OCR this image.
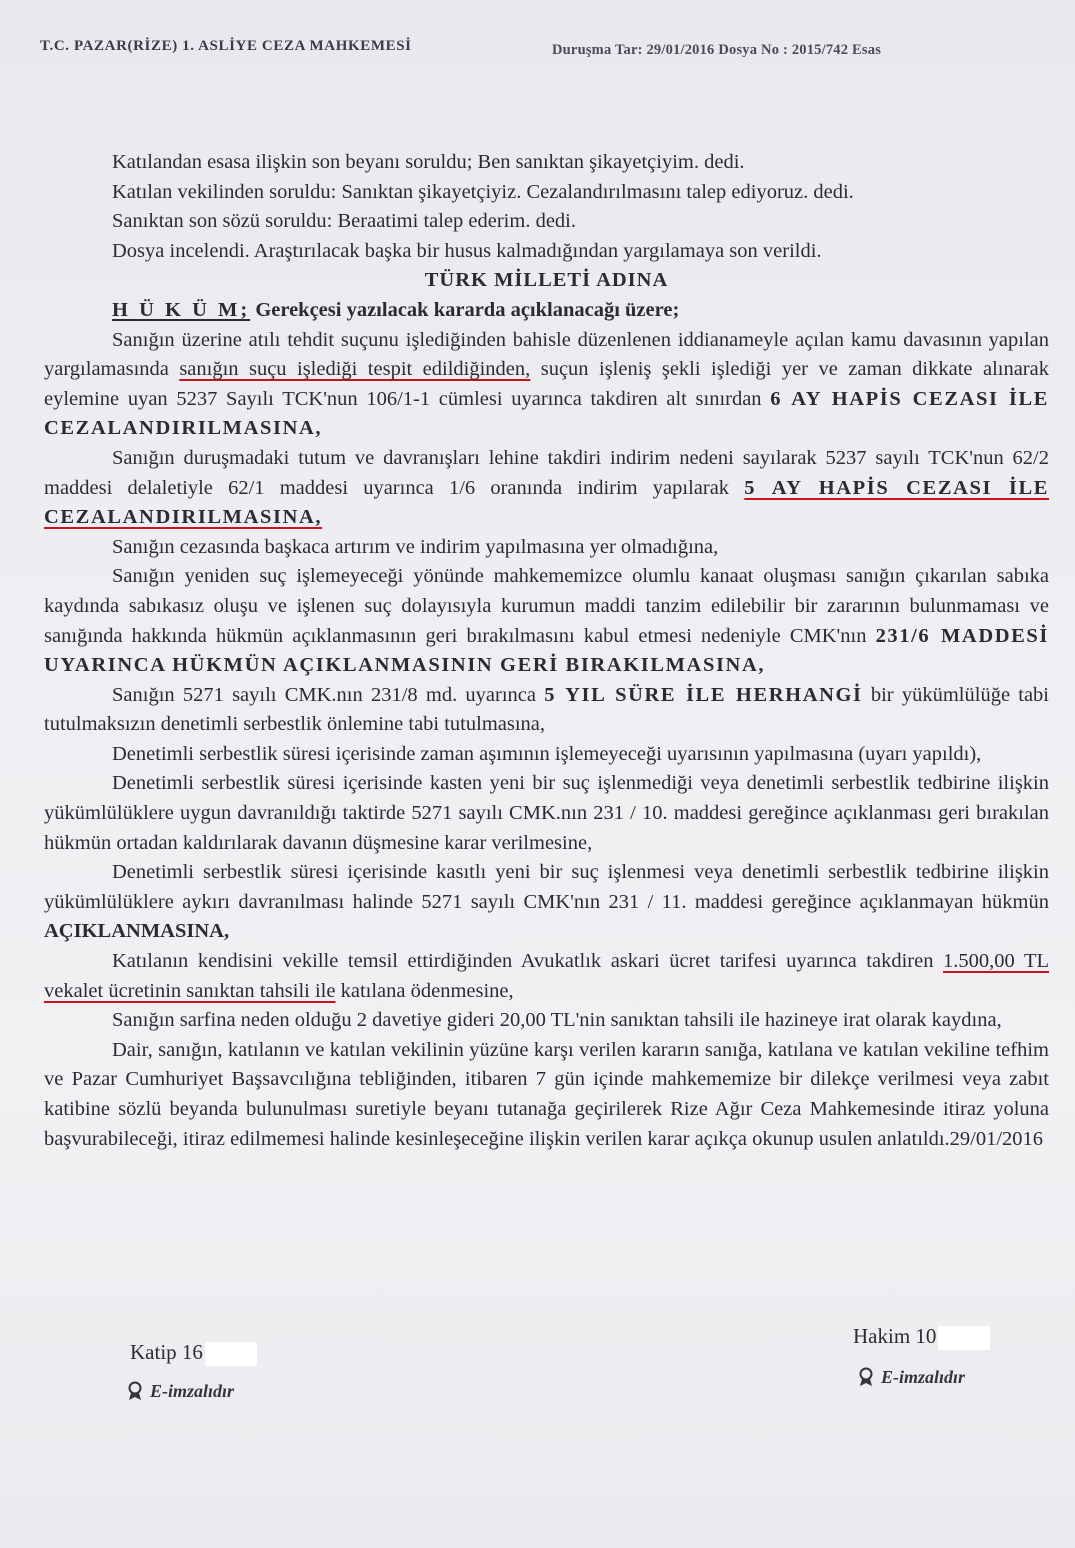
T.C. PAZAR(RİZE) 1. ASLİYE CEZA MAHKEMESİ	Duruşma Tar: 29/01/2016 Dosya No : 2015/742 Esas

Katılandan esasa ilişkin son beyanı soruldu; Ben sanıktan şikayetçiyim. dedi.

Katılan vekilinden soruldu: Sanıktan şikayetçiyiz. Cezalandırılmasını talep ediyoruz. dedi.

Sanıktan son sözü soruldu: Beraatimi talep ederim. dedi.

Dosya incelendi. Araştırılacak başka bir husus kalmadığından yargılamaya son verildi.

TÜRK MİLLETİ ADINA

H Ü K Ü M; Gerekçesi yazılacak kararda açıklanacağı üzere;

Sanığın üzerine atılı tehdit suçunu işlediğinden bahisle düzenlenen iddianameyle açılan kamu davasının yapılan yargılamasında sanığın suçu işlediği tespit edildiğinden, suçun işleniş şekli işlediği yer ve zaman dikkate alınarak eylemine uyan 5237 Sayılı TCK'nun 106/1-1 cümlesi uyarınca takdiren alt sınırdan 6 AY HAPİS CEZASI İLE CEZALANDIRILMASINA,

Sanığın duruşmadaki tutum ve davranışları lehine takdiri indirim nedeni sayılarak 5237 sayılı TCK'nun 62/2 maddesi delaletiyle 62/1 maddesi uyarınca 1/6 oranında indirim yapılarak 5 AY HAPİS CEZASI İLE CEZALANDIRILMASINA,

Sanığın cezasında başkaca artırım ve indirim yapılmasına yer olmadığına,

Sanığın yeniden suç işlemeyeceği yönünde mahkememizce olumlu kanaat oluşması sanığın çıkarılan sabıka kaydında sabıkasız oluşu ve işlenen suç dolayısıyla kurumun maddi tanzim edilebilir bir zararının bulunmaması ve sanığında hakkında hükmün açıklanmasının geri bırakılmasını kabul etmesi nedeniyle CMK'nın 231/6 MADDESİ UYARINCA HÜKMÜN AÇIKLANMASININ GERİ BIRAKILMASINA,

Sanığın 5271 sayılı CMK.nın 231/8 md. uyarınca 5 YIL SÜRE İLE HERHANGİ bir yükümlülüğe tabi tutulmaksızın denetimli serbestlik önlemine tabi tutulmasına,

Denetimli serbestlik süresi içerisinde zaman aşımının işlemeyeceği uyarısının yapılmasına (uyarı yapıldı),

Denetimli serbestlik süresi içerisinde kasten yeni bir suç işlenmediği veya denetimli serbestlik tedbirine ilişkin yükümlülüklere uygun davranıldığı taktirde 5271 sayılı CMK.nın 231 / 10. maddesi gereğince açıklanması geri bırakılan hükmün ortadan kaldırılarak davanın düşmesine karar verilmesine,

Denetimli serbestlik süresi içerisinde kasıtlı yeni bir suç işlenmesi veya denetimli serbestlik tedbirine ilişkin yükümlülüklere aykırı davranılması halinde 5271 sayılı CMK'nın 231 / 11. maddesi gereğince açıklanmayan hükmün AÇIKLANMASINA,

Katılanın kendisini vekille temsil ettirdiğinden Avukatlık askari ücret tarifesi uyarınca takdiren 1.500,00 TL vekalet ücretinin sanıktan tahsili ile katılana ödenmesine,

Sanığın sarfina neden olduğu 2 davetiye gideri 20,00 TL'nin sanıktan tahsili ile hazineye irat olarak kaydına,

Dair, sanığın, katılanın ve katılan vekilinin yüzüne karşı verilen kararın sanığa, katılana ve katılan vekiline tefhim ve Pazar Cumhuriyet Başsavcılığına tebliğinden, itibaren 7 gün içinde mahkememize bir dilekçe verilmesi veya zabıt katibine sözlü beyanda bulunulması suretiyle beyanı tutanağa geçirilerek Rize Ağır Ceza Mahkemesinde itiraz yoluna başvurabileceği, itiraz edilmemesi halinde kesinleşeceğine ilişkin verilen karar açıkça okunup usulen anlatıldı.29/01/2016

Katip 16
E-imzalıdır
Hakim 10
E-imzalıdır
